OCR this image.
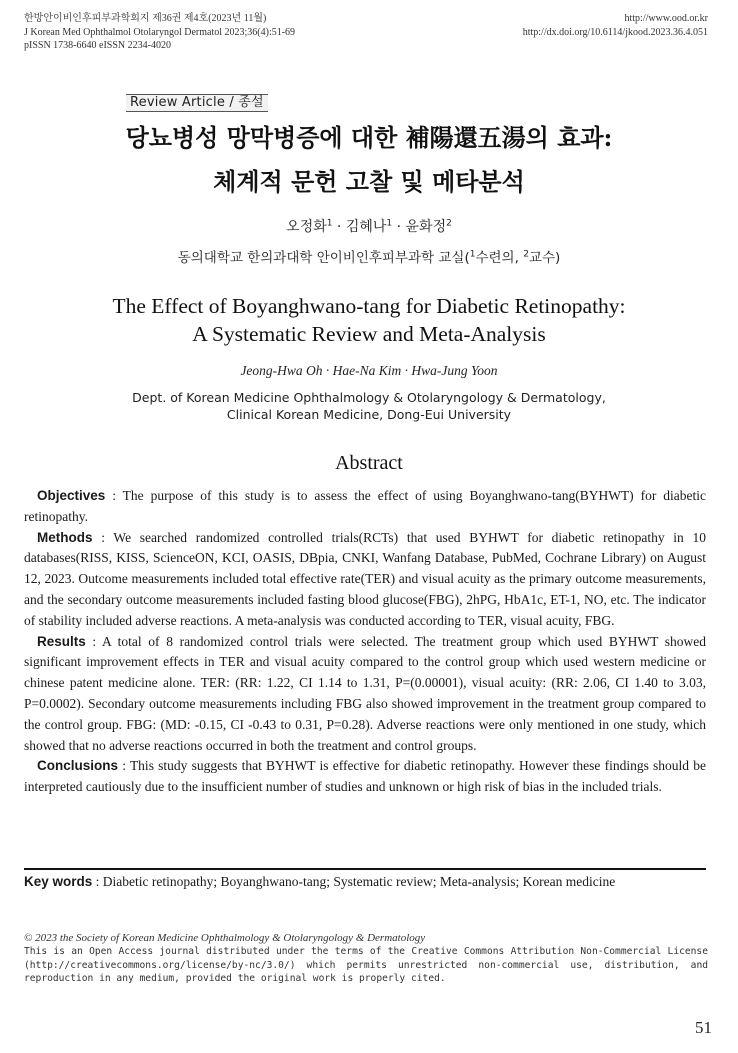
한방안이비인후피부과학회지 제36권 제4호(2023년 11월)
J Korean Med Ophthalmol Otolaryngol Dermatol 2023;36(4):51-69
pISSN 1738-6640 eISSN 2234-4020
http://www.ood.or.kr
http://dx.doi.org/10.6114/jkood.2023.36.4.051
Review Article / 종설
당뇨병성 망막병증에 대한 補陽還五湯의 효과:
체계적 문헌 고찰 및 메타분석
오정화$^1$ · 김혜나$^1$ · 윤화정$^2$
동의대학교 한의과대학 안이비인후피부과학 교실($^1$수련의, $^2$교수)
The Effect of Boyanghwano-tang for Diabetic Retinopathy:
A Systematic Review and Meta-Analysis
Jeong-Hwa Oh · Hae-Na Kim · Hwa-Jung Yoon
Dept. of Korean Medicine Ophthalmology & Otolaryngology & Dermatology,
Clinical Korean Medicine, Dong-Eui University
Abstract

Objectives : The purpose of this study is to assess the effect of using Boyanghwano-tang(BYHWT) for diabetic retinopathy.

Methods : We searched randomized controlled trials(RCTs) that used BYHWT for diabetic retinopathy in 10 databases(RISS, KISS, ScienceON, KCI, OASIS, DBpia, CNKI, Wanfang Database, PubMed, Cochrane Library) on August 12, 2023. Outcome measurements included total effective rate(TER) and visual acuity as the primary outcome measurements, and the secondary outcome measurements included fasting blood glucose(FBG), 2hPG, HbA1c, ET-1, NO, etc. The indicator of stability included adverse reactions. A meta-analysis was conducted according to TER, visual acuity, FBG.

Results : A total of 8 randomized control trials were selected. The treatment group which used BYHWT showed significant improvement effects in TER and visual acuity compared to the control group which used western medicine or chinese patent medicine alone. TER: (RR: 1.22, CI 1.14 to 1.31, P=(0.00001), visual acuity: (RR: 2.06, CI 1.40 to 3.03, P=0.0002). Secondary outcome measurements including FBG also showed improvement in the treatment group compared to the control group. FBG: (MD: -0.15, CI -0.43 to 0.31, P=0.28). Adverse reactions were only mentioned in one study, which showed that no adverse reactions occurred in both the treatment and control groups.

Conclusions : This study suggests that BYHWT is effective for diabetic retinopathy. However these findings should be interpreted cautiously due to the insufficient number of studies and unknown or high risk of bias in the included trials.

Key words : Diabetic retinopathy; Boyanghwano-tang; Systematic review; Meta-analysis; Korean medicine
© 2023 the Society of Korean Medicine Ophthalmology & Otolaryngology & Dermatology
This is an Open Access journal distributed under the terms of the Creative Commons Attribution Non-Commercial License (http://creativecommons.org/license/by-nc/3.0/) which permits unrestricted non-commercial use, distribution, and reproduction in any medium, provided the original work is properly cited.
51
